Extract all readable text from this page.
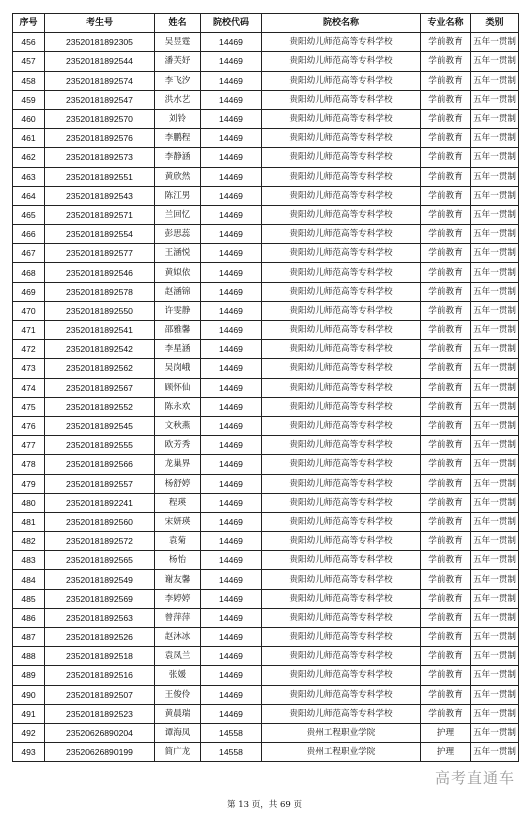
序号	考生号	姓名	院校代码	院校名称	专业名称	类别
456	23520181892305	吴昱霆	14469	贵阳幼儿师范高等专科学校	学前教育	五年一贯制
457	23520181892544	潘芙妤	14469	贵阳幼儿师范高等专科学校	学前教育	五年一贯制
458	23520181892574	李飞汐	14469	贵阳幼儿师范高等专科学校	学前教育	五年一贯制
459	23520181892547	洪水艺	14469	贵阳幼儿师范高等专科学校	学前教育	五年一贯制
460	23520181892570	刘铃	14469	贵阳幼儿师范高等专科学校	学前教育	五年一贯制
461	23520181892576	李鹏程	14469	贵阳幼儿师范高等专科学校	学前教育	五年一贯制
462	23520181892573	李静涵	14469	贵阳幼儿师范高等专科学校	学前教育	五年一贯制
463	23520181892551	黄欣然	14469	贵阳幼儿师范高等专科学校	学前教育	五年一贯制
464	23520181892543	陈江男	14469	贵阳幼儿师范高等专科学校	学前教育	五年一贯制
465	23520181892571	兰回忆	14469	贵阳幼儿师范高等专科学校	学前教育	五年一贯制
466	23520181892554	彭思蕊	14469	贵阳幼儿师范高等专科学校	学前教育	五年一贯制
467	23520181892577	王涵悦	14469	贵阳幼儿师范高等专科学校	学前教育	五年一贯制
468	23520181892546	黄姒依	14469	贵阳幼儿师范高等专科学校	学前教育	五年一贯制
469	23520181892578	赵涵锦	14469	贵阳幼儿师范高等专科学校	学前教育	五年一贯制
470	23520181892550	许雯静	14469	贵阳幼儿师范高等专科学校	学前教育	五年一贯制
471	23520181892541	邵雅馨	14469	贵阳幼儿师范高等专科学校	学前教育	五年一贯制
472	23520181892542	李星涵	14469	贵阳幼儿师范高等专科学校	学前教育	五年一贯制
473	23520181892562	吴岗峨	14469	贵阳幼儿师范高等专科学校	学前教育	五年一贯制
474	23520181892567	顾怀仙	14469	贵阳幼儿师范高等专科学校	学前教育	五年一贯制
475	23520181892552	陈永欢	14469	贵阳幼儿师范高等专科学校	学前教育	五年一贯制
476	23520181892545	文秋燕	14469	贵阳幼儿师范高等专科学校	学前教育	五年一贯制
477	23520181892555	欧芳秀	14469	贵阳幼儿师范高等专科学校	学前教育	五年一贯制
478	23520181892566	龙巢界	14469	贵阳幼儿师范高等专科学校	学前教育	五年一贯制
479	23520181892557	杨舒婷	14469	贵阳幼儿师范高等专科学校	学前教育	五年一贯制
480	23520181892241	程瑛	14469	贵阳幼儿师范高等专科学校	学前教育	五年一贯制
481	23520181892560	宋妍瑛	14469	贵阳幼儿师范高等专科学校	学前教育	五年一贯制
482	23520181892572	袁菊	14469	贵阳幼儿师范高等专科学校	学前教育	五年一贯制
483	23520181892565	杨怡	14469	贵阳幼儿师范高等专科学校	学前教育	五年一贯制
484	23520181892549	谢友馨	14469	贵阳幼儿师范高等专科学校	学前教育	五年一贯制
485	23520181892569	李婷婷	14469	贵阳幼儿师范高等专科学校	学前教育	五年一贯制
486	23520181892563	曾萍萍	14469	贵阳幼儿师范高等专科学校	学前教育	五年一贯制
487	23520181892526	赵沐冰	14469	贵阳幼儿师范高等专科学校	学前教育	五年一贯制
488	23520181892518	袁凤兰	14469	贵阳幼儿师范高等专科学校	学前教育	五年一贯制
489	23520181892516	张媛	14469	贵阳幼儿师范高等专科学校	学前教育	五年一贯制
490	23520181892507	王俊伶	14469	贵阳幼儿师范高等专科学校	学前教育	五年一贯制
491	23520181892523	黄晨瑞	14469	贵阳幼儿师范高等专科学校	学前教育	五年一贯制
492	23520626890204	谭海凤	14558	贵州工程职业学院	护理	五年一贯制
493	23520626890199	简广龙	14558	贵州工程职业学院	护理	五年一贯制

高考直通车
第 13 页，共 69 页
